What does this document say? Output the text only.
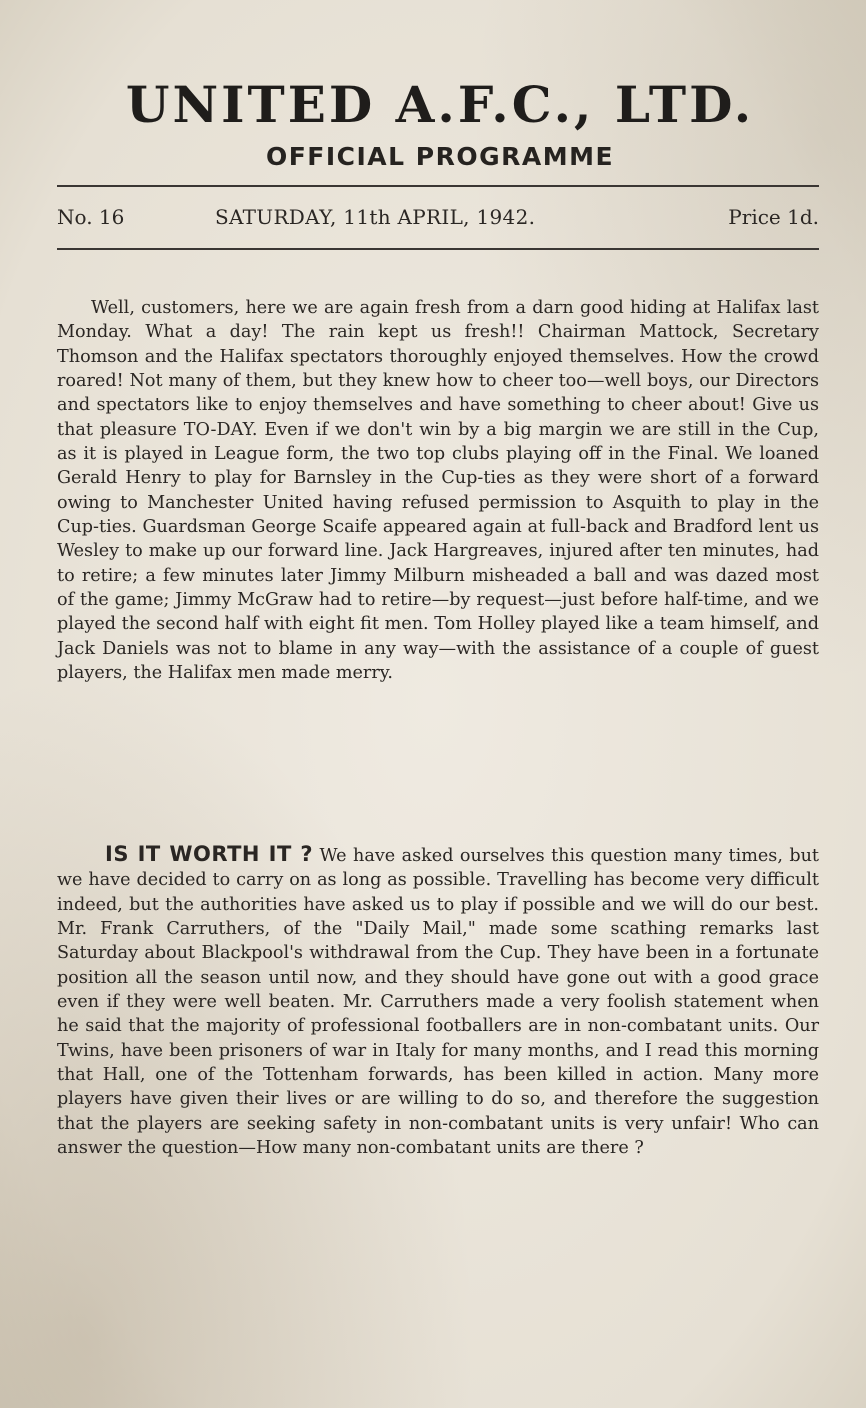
UNITED A.F.C., LTD.
OFFICIAL PROGRAMME
No. 16	SATURDAY, 11th APRIL, 1942.	Price 1d.

Well, customers, here we are again fresh from a darn good hiding at Halifax last Monday. What a day! The rain kept us fresh!! Chairman Mattock, Secretary Thomson and the Halifax spectators thoroughly enjoyed themselves. How the crowd roared! Not many of them, but they knew how to cheer too—well boys, our Directors and spectators like to enjoy themselves and have something to cheer about! Give us that pleasure TO-DAY. Even if we don't win by a big margin we are still in the Cup, as it is played in League form, the two top clubs playing off in the Final. We loaned Gerald Henry to play for Barnsley in the Cup-ties as they were short of a forward owing to Manchester United having refused permission to Asquith to play in the Cup-ties. Guardsman George Scaife appeared again at full-back and Bradford lent us Wesley to make up our forward line. Jack Hargreaves, injured after ten minutes, had to retire; a few minutes later Jimmy Milburn misheaded a ball and was dazed most of the game; Jimmy McGraw had to retire—by request—just before half-time, and we played the second half with eight fit men. Tom Holley played like a team himself, and Jack Daniels was not to blame in any way—with the assistance of a couple of guest players, the Halifax men made merry.

IS IT WORTH IT ? We have asked ourselves this question many times, but we have decided to carry on as long as possible. Travelling has become very difficult indeed, but the authorities have asked us to play if possible and we will do our best. Mr. Frank Carruthers, of the "Daily Mail," made some scathing remarks last Saturday about Blackpool's withdrawal from the Cup. They have been in a fortunate position all the season until now, and they should have gone out with a good grace even if they were well beaten. Mr. Carruthers made a very foolish statement when he said that the majority of professional footballers are in non-combatant units. Our Twins, have been prisoners of war in Italy for many months, and I read this morning that Hall, one of the Tottenham forwards, has been killed in action. Many more players have given their lives or are willing to do so, and therefore the suggestion that the players are seeking safety in non-combatant units is very unfair! Who can answer the question—How many non-combatant units are there ?
